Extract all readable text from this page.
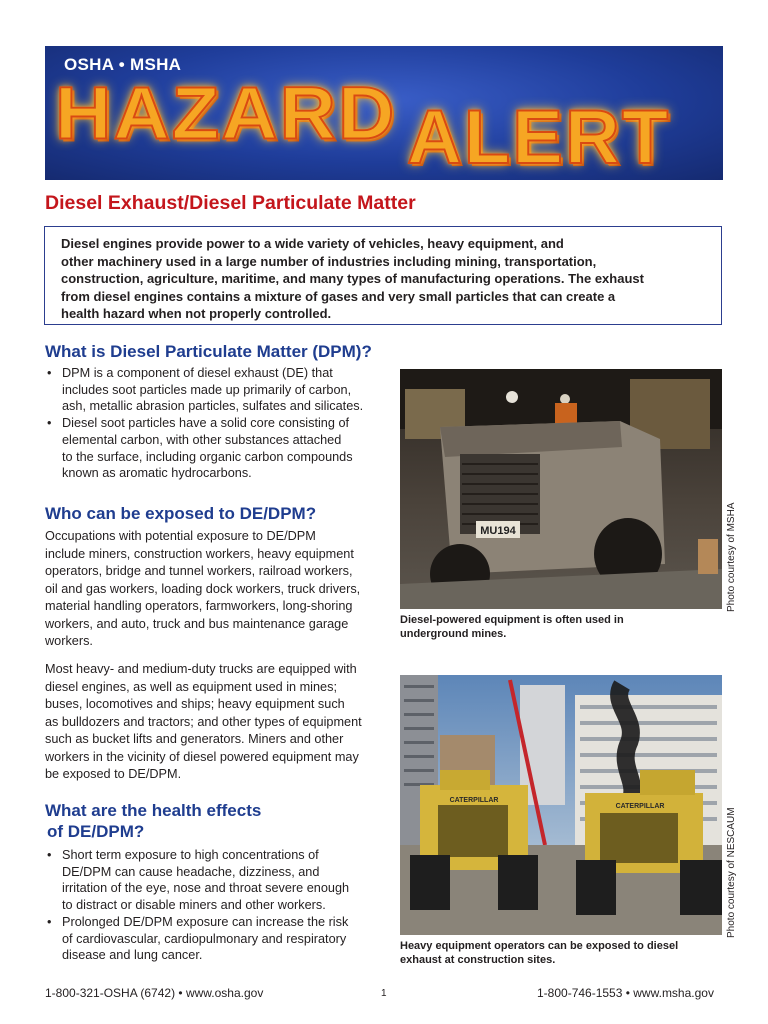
OSHA • MSHA
HAZARD ALERT
Diesel Exhaust/Diesel Particulate Matter
Diesel engines provide power to a wide variety of vehicles, heavy equipment, and
other machinery used in a large number of industries including mining, transportation,
construction, agriculture, maritime, and many types of manufacturing operations. The exhaust
from diesel engines contains a mixture of gases and very small particles that can create a
health hazard when not properly controlled.
What is Diesel Particulate Matter (DPM)?
• DPM is a component of diesel exhaust (DE) that
includes soot particles made up primarily of carbon,
ash, metallic abrasion particles, sulfates and silicates.
• Diesel soot particles have a solid core consisting of
elemental carbon, with other substances attached
to the surface, including organic carbon compounds
known as aromatic hydrocarbons.
Who can be exposed to DE/DPM?
Occupations with potential exposure to DE/DPM
include miners, construction workers, heavy equipment
operators, bridge and tunnel workers, railroad workers,
oil and gas workers, loading dock workers, truck drivers,
material handling operators, farmworkers, long-shoring
workers, and auto, truck and bus maintenance garage
workers.
Most heavy- and medium-duty trucks are equipped with
diesel engines, as well as equipment used in mines;
buses, locomotives and ships; heavy equipment such
as bulldozers and tractors; and other types of equipment
such as bucket lifts and generators. Miners and other
workers in the vicinity of diesel powered equipment may
be exposed to DE/DPM.
What are the health effects
of DE/DPM?
• Short term exposure to high concentrations of
DE/DPM can cause headache, dizziness, and
irritation of the eye, nose and throat severe enough
to distract or disable miners and other workers.
• Prolonged DE/DPM exposure can increase the risk
of cardiovascular, cardiopulmonary and respiratory
disease and lung cancer.
MU194	Photo courtesy of MSHA
Diesel-powered equipment is often used in
underground mines.
CATERPILLAR
CATERPILLAR
Photo courtesy of NESCAUM
Heavy equipment operators can be exposed to diesel
exhaust at construction sites.
1-800-321-OSHA (6742) • www.osha.gov	1	1-800-746-1553 • www.msha.gov
